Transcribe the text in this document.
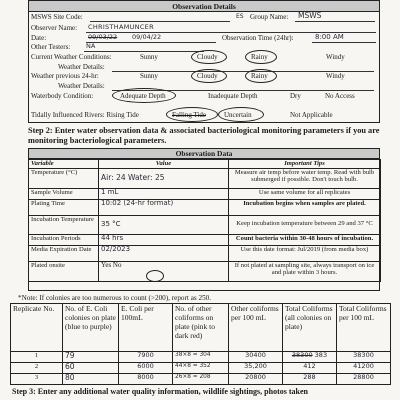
Observation Details
MSWS Site Code:	ES Group Name: MSWS
Observer Name: CHRISTHAMUNCER
Date:	09/03/22 09/04/22	Observation Time (24hr):	8:00 AM
Other Testers: NA
Current Weather Conditions:	Sunny	Cloudy	Rainy	Windy
Weather Details:
Weather previous 24-hr:	Sunny	Cloudy	Rainy	Windy
Weather Details:
Waterbody Condition:	Adequate Depth	Inadequate Depth	Dry	No Access
Tidally Influenced Rivers: Rising Tide	Falling Tide	Uncertain	Not Applicable
Step 2: Enter water observation data & associated bacteriological monitoring parameters if you are monitoring bacteriological parameters.
Observation Data
Variable	Value	Important Tips
Temperature (°C)	Air: 24 Water: 25	Measure air temp before water temp. Read with bulb submerged if possible. Don't touch bulb.
Sample Volume	1 mL	Use same volume for all replicates
Plating Time	10:02 (24-hr format)	Incubation begins when samples are plated.
Incubation Temperature	35 °C	Keep incubation temperature between 29 and 37 °C
Incubation Periods	44 hrs	Count bacteria within 30-48 hours of incubation.
Media Expiration Date	02/2023	Use this date format: Jul/2019 (from media box)
Plated onsite	Yes No	If not plated at sampling site, always transport on ice and plate within 3 hours.
*Note: If colonies are too numerous to count (>200), report as 250.
Replicate No.	No. of E. Coli colonies on plate (blue to purple)	E. Coli per 100mL	No. of other coliforms on plate (pink to dark red)	Other coliforms per 100 mL	Total Coliforms (all colonies on plate)	Total Coliforms per 100 mL
1	79	7900	38×8 = 304	30400	38300 383	38300
2	60	6000	44×8 = 352	35,200	412	41200
3	80	8000	26×8 = 208	20800	288	28800
Step 3: Enter any additional water quality information, wildlife sightings, photos taken
